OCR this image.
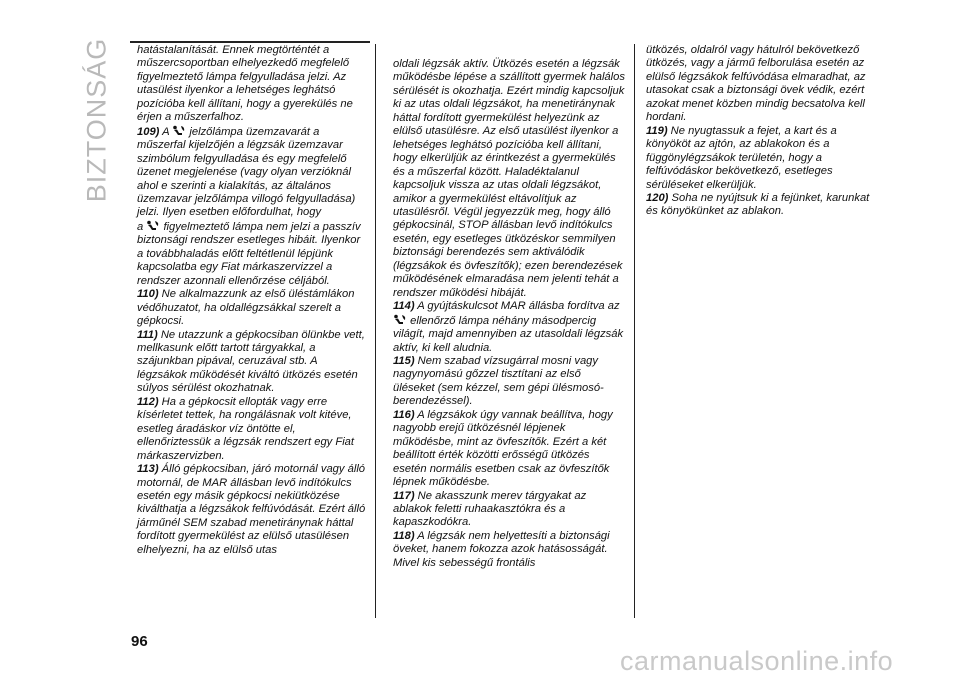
BIZTONSÁG hatástalanítását. Ennek megtörténtét a műszercsoportban elhelyezkedő megfelelő figyelmeztető lámpa felgyulladása jelzi. Az utasülést ilyenkor a lehetséges leghátsó pozícióba kell állítani, hogy a gyerekülés ne érjen a műszerfalhoz.

109) A  jelzőlámpa üzemzavarát a műszerfal kijelzőjén a légzsák üzemzavar szimbólum felgyulladása és egy megfelelő üzenet megjelenése (vagy olyan verzióknál ahol e szerinti a kialakítás, az általános üzemzavar jelzőlámpa villogó felgyulladása) jelzi. Ilyen esetben előfordulhat, hogy

a  figyelmeztető lámpa nem jelzi a passzív biztonsági rendszer esetleges hibáit. Ilyenkor a továbbhaladás előtt feltétlenül lépjünk kapcsolatba egy Fiat márkaszervizzel a rendszer azonnali ellenőrzése céljából.

110) Ne alkalmazzunk az első üléstámlákon védőhuzatot, ha oldallégzsákkal szerelt a gépkocsi.

111) Ne utazzunk a gépkocsiban ölünkbe vett, mellkasunk előtt tartott tárgyakkal, a szájunkban pipával, ceruzával stb. A légzsákok működését kiváltó ütközés esetén súlyos sérülést okozhatnak.

112) Ha a gépkocsit ellopták vagy erre kísérletet tettek, ha rongálásnak volt kitéve, esetleg áradáskor víz öntötte el, ellenőriztessük a légzsák rendszert egy Fiat márkaszervizben.

113) Álló gépkocsiban, járó motornál vagy álló motornál, de MAR állásban levő indítókulcs esetén egy másik gépkocsi nekiütközése kiválthatja a légzsákok felfúvódását. Ezért álló járműnél SEM szabad menetiránynak háttal fordított gyermekülést az elülső utasülésen elhelyezni, ha az elülső utas

oldali légzsák aktív. Ütközés esetén a légzsák működésbe lépése a szállított gyermek halálos sérülését is okozhatja. Ezért mindig kapcsoljuk ki az utas oldali légzsákot, ha menetiránynak háttal fordított gyermekülést helyezünk az elülső utasülésre. Az első utasülést ilyenkor a lehetséges leghátsó pozícióba kell állítani, hogy elkerüljük az érintkezést a gyermekülés és a műszerfal között. Haladéktalanul kapcsoljuk vissza az utas oldali légzsákot, amikor a gyermekülést eltávolítjuk az utasülésről. Végül jegyezzük meg, hogy álló gépkocsinál, STOP állásban levő indítókulcs esetén, egy esetleges ütközéskor semmilyen biztonsági berendezés sem aktiválódik (légzsákok és övfeszítők); ezen berendezések működésének elmaradása nem jelenti tehát a rendszer működési hibáját.

114) A gyújtáskulcsot MAR állásba fordítva az  ellenőrző lámpa néhány másodpercig világít, majd amennyiben az utasoldali légzsák aktív, ki kell aludnia.

115) Nem szabad vízsugárral mosni vagy nagynyomású gőzzel tisztítani az első üléseket (sem kézzel, sem gépi ülésmosó-berendezéssel).

116) A légzsákok úgy vannak beállítva, hogy nagyobb erejű ütközésnél lépjenek működésbe, mint az övfeszítők. Ezért a két beállított érték közötti erősségű ütközés esetén normális esetben csak az övfeszítők lépnek működésbe.

117) Ne akasszunk merev tárgyakat az ablakok feletti ruhaakasztókra és a kapaszkodókra.

118) A légzsák nem helyettesíti a biztonsági öveket, hanem fokozza azok hatásosságát. Mivel kis sebességű frontális

ütközés, oldalról vagy hátulról bekövetkező ütközés, vagy a jármű felborulása esetén az elülső légzsákok felfúvódása elmaradhat, az utasokat csak a biztonsági övek védik, ezért azokat menet közben mindig becsatolva kell hordani.

119) Ne nyugtassuk a fejet, a kart és a könyököt az ajtón, az ablakokon és a függönylégzsákok területén, hogy a felfúvódáskor bekövetkező, esetleges sérüléseket elkerüljük.

120) Soha ne nyújtsuk ki a fejünket, karunkat és könyökünket az ablakon.

96
carmanualsonline.info
